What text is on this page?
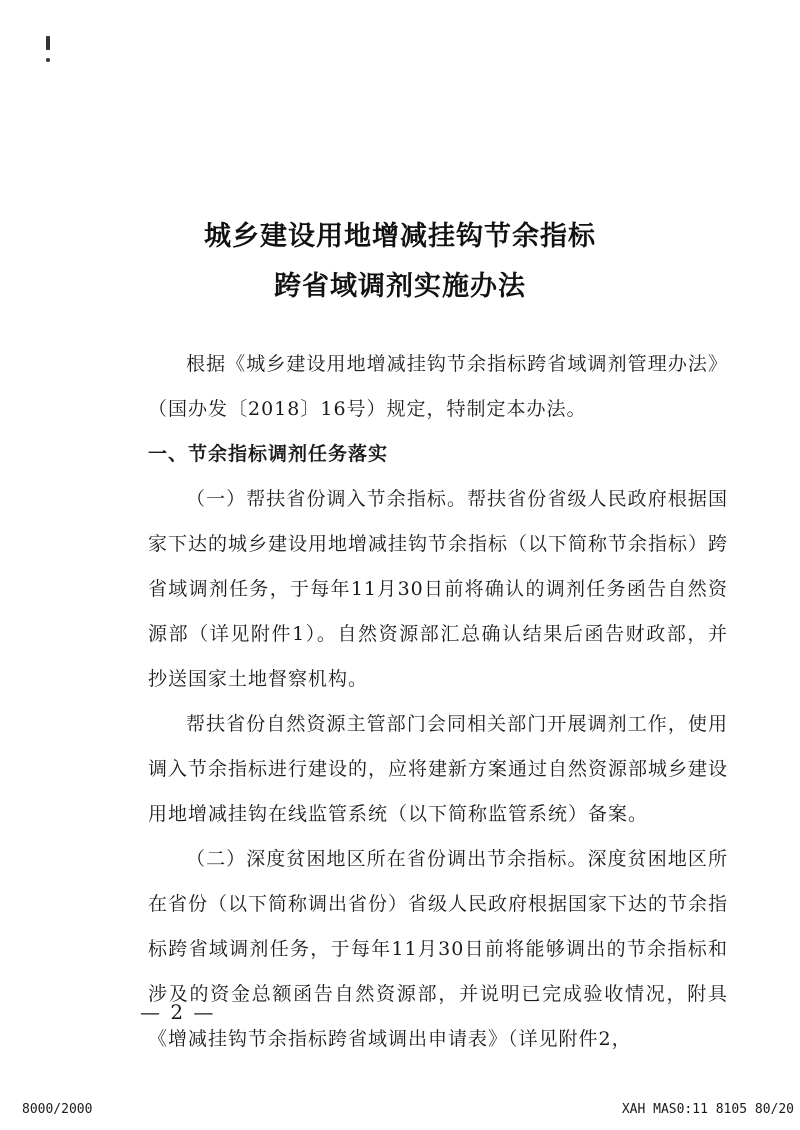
城乡建设用地增减挂钩节余指标
跨省域调剂实施办法

根据《城乡建设用地增减挂钩节余指标跨省域调剂管理办法》（国办发〔2018〕16号）规定，特制定本办法。

一、节余指标调剂任务落实

（一）帮扶省份调入节余指标。帮扶省份省级人民政府根据国家下达的城乡建设用地增减挂钩节余指标（以下简称节余指标）跨省域调剂任务，于每年11月30日前将确认的调剂任务函告自然资源部（详见附件1）。自然资源部汇总确认结果后函告财政部，并抄送国家土地督察机构。

帮扶省份自然资源主管部门会同相关部门开展调剂工作，使用调入节余指标进行建设的，应将建新方案通过自然资源部城乡建设用地增减挂钩在线监管系统（以下简称监管系统）备案。

（二）深度贫困地区所在省份调出节余指标。深度贫困地区所在省份（以下简称调出省份）省级人民政府根据国家下达的节余指标跨省域调剂任务，于每年11月30日前将能够调出的节余指标和涉及的资金总额函告自然资源部，并说明已完成验收情况，附具《增减挂钩节余指标跨省域调出申请表》（详见附件2，

— 2 —
8000/2000	XAH MAS0:11 8105 80/20
